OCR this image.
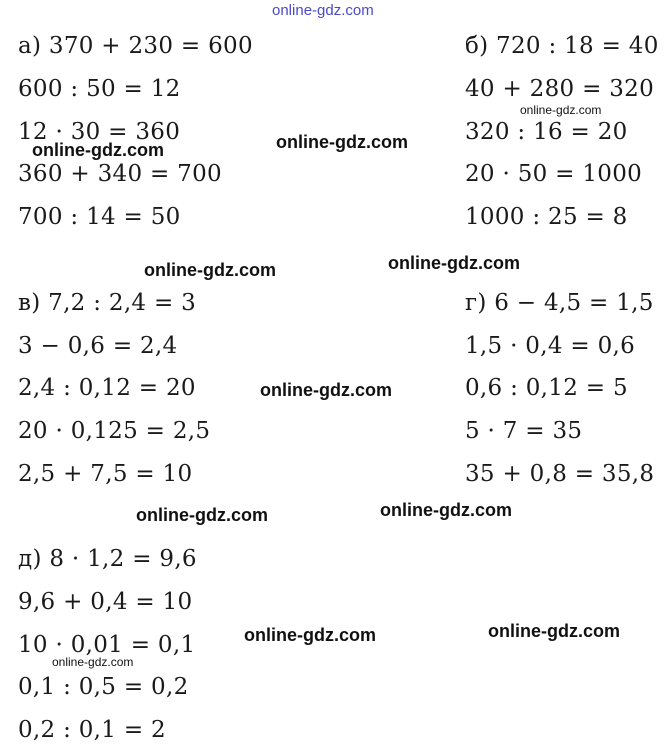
а) 370 + 230 = 600
600 : 50 = 12
12 · 30 = 360
360 + 340 = 700
700 : 14 = 50
б) 720 : 18 = 40
40 + 280 = 320
320 : 16 = 20
20 · 50 = 1000
1000 : 25 = 8
в) 7,2 : 2,4 = 3
3 − 0,6 = 2,4
2,4 : 0,12 = 20
20 · 0,125 = 2,5
2,5 + 7,5 = 10
г) 6 − 4,5 = 1,5
1,5 · 0,4 = 0,6
0,6 : 0,12 = 5
5 · 7 = 35
35 + 0,8 = 35,8
д) 8 · 1,2 = 9,6
9,6 + 0,4 = 10
10 · 0,01 = 0,1
0,1 : 0,5 = 0,2
0,2 : 0,1 = 2
online-gdz.com
online-gdz.com
online-gdz.com
online-gdz.com
online-gdz.com	online-gdz.com
online-gdz.com
online-gdz.com	online-gdz.com
online-gdz.com	online-gdz.com
online-gdz.com
